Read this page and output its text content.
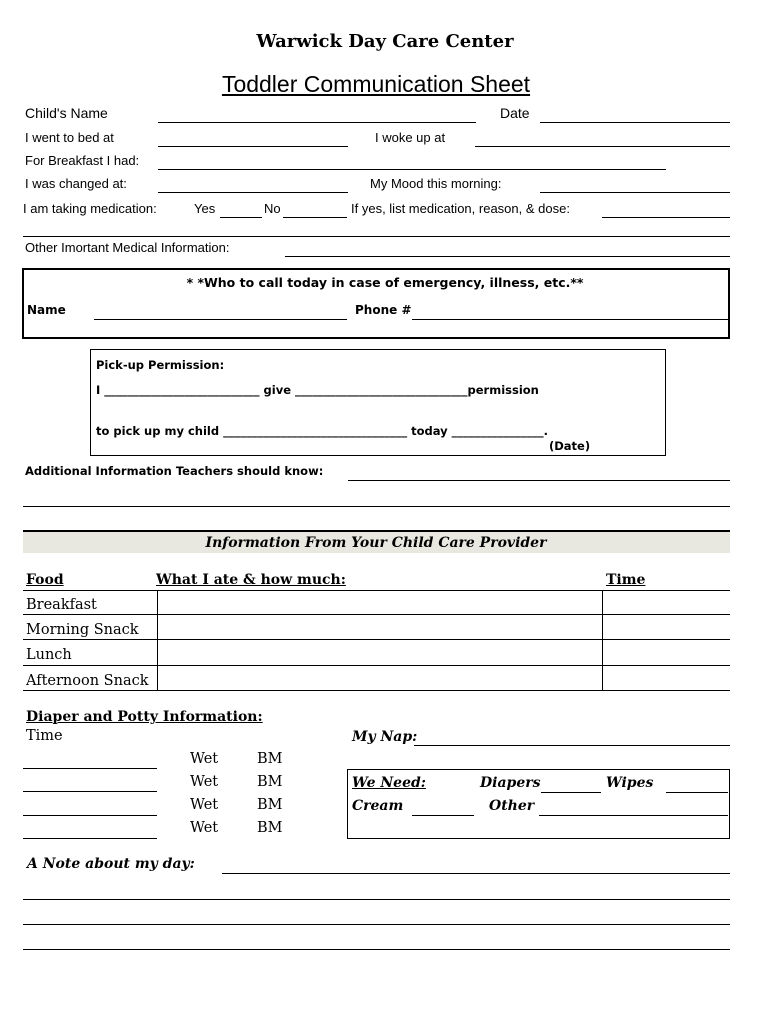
Warwick Day Care Center
Toddler Communication Sheet
Child's Name	Date
I went to bed at	I woke up at
For Breakfast I had:
I was changed at:	My Mood this morning:
I am taking medication:	Yes	No	If yes, list medication, reason, & dose:
Other Imortant Medical Information:
* *Who to call today in case of emergency, illness, etc.**
Name	Phone #
Pick-up Permission:
I ___________________________ give ______________________________permission
to pick up my child ________________________________ today ________________.
(Date)
Additional Information Teachers should know:
Information From Your Child Care Provider
Food	What I ate & how much:	Time
Breakfast
Morning Snack
Lunch
Afternoon Snack
Diaper and Potty Information:
Time	My Nap:
Wet	BM
Wet	BM
Wet	BM
Wet	BM
We Need:	Diapers	Wipes
Cream	Other
A Note about my day:
